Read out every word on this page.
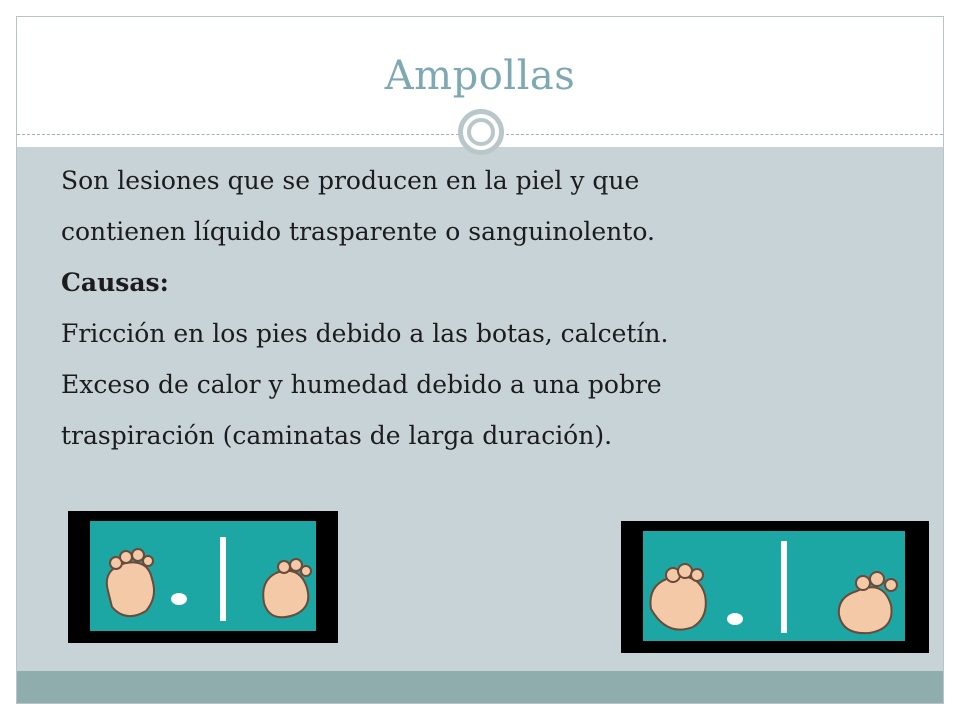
Ampollas

Son lesiones que se producen en la piel y que

contienen líquido trasparente o sanguinolento.

Causas:

Fricción en los pies debido a las botas, calcetín.

Exceso de calor y humedad debido a una pobre

traspiración (caminatas de larga duración).
